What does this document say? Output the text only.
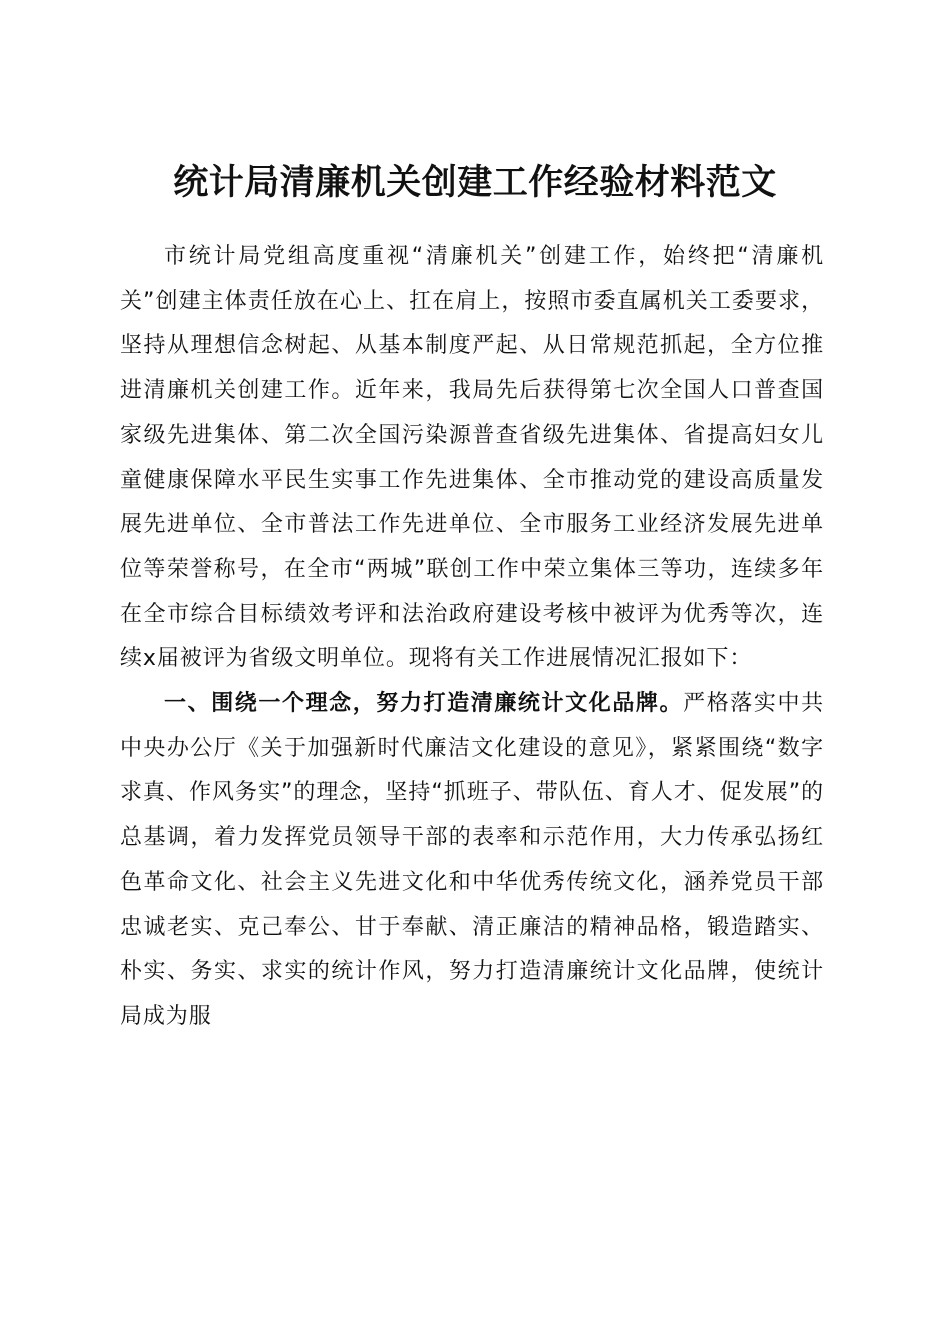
统计局清廉机关创建工作经验材料范文

市统计局党组高度重视“清廉机关”创建工作，始终把“清廉机关”创建主体责任放在心上、扛在肩上，按照市委直属机关工委要求，坚持从理想信念树起、从基本制度严起、从日常规范抓起，全方位推进清廉机关创建工作。近年来，我局先后获得第七次全国人口普查国家级先进集体、第二次全国污染源普查省级先进集体、省提高妇女儿童健康保障水平民生实事工作先进集体、全市推动党的建设高质量发展先进单位、全市普法工作先进单位、全市服务工业经济发展先进单位等荣誉称号，在全市“两城”联创工作中荣立集体三等功，连续多年在全市综合目标绩效考评和法治政府建设考核中被评为优秀等次，连续x届被评为省级文明单位。现将有关工作进展情况汇报如下：

一、围绕一个理念，努力打造清廉统计文化品牌。严格落实中共中央办公厅《关于加强新时代廉洁文化建设的意见》，紧紧围绕“数字求真、作风务实”的理念，坚持“抓班子、带队伍、育人才、促发展”的总基调，着力发挥党员领导干部的表率和示范作用，大力传承弘扬红色革命文化、社会主义先进文化和中华优秀传统文化，涵养党员干部忠诚老实、克己奉公、甘于奉献、清正廉洁的精神品格，锻造踏实、朴实、务实、求实的统计作风，努力打造清廉统计文化品牌，使统计局成为服
